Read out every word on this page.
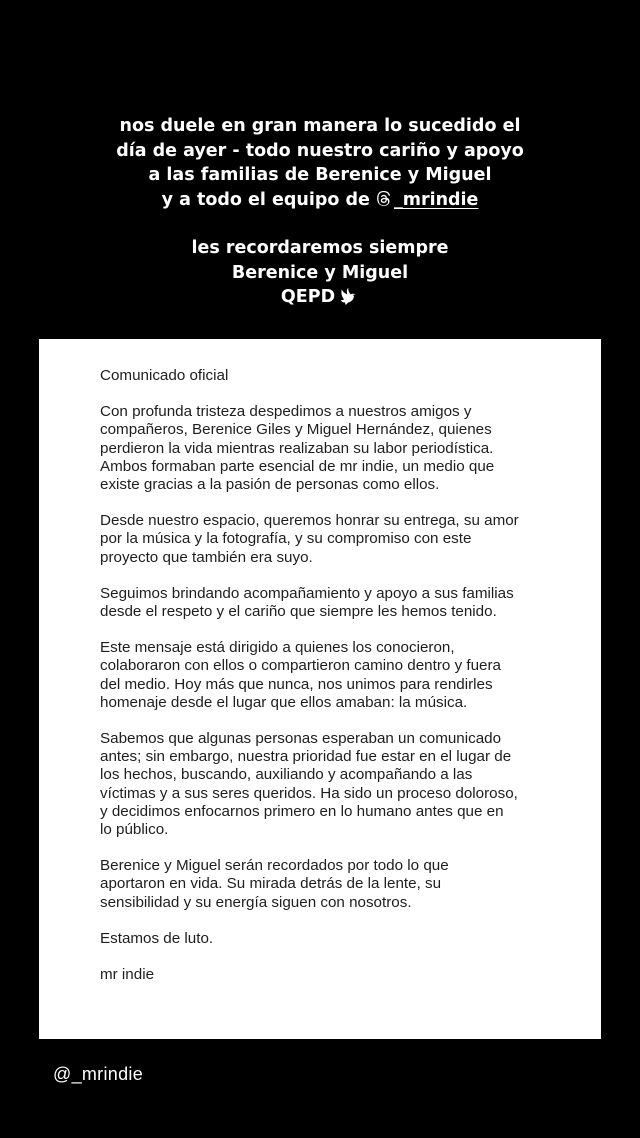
nos duele en gran manera lo sucedido el
día de ayer - todo nuestro cariño y apoyo
a las familias de Berenice y Miguel
y a todo el equipo de _mrindie
les recordaremos siempre
Berenice y Miguel
QEPD

Comunicado oficial

Con profunda tristeza despedimos a nuestros amigos y
compañeros, Berenice Giles y Miguel Hernández, quienes
perdieron la vida mientras realizaban su labor periodística.
Ambos formaban parte esencial de mr indie, un medio que
existe gracias a la pasión de personas como ellos.

Desde nuestro espacio, queremos honrar su entrega, su amor
por la música y la fotografía, y su compromiso con este
proyecto que también era suyo.

Seguimos brindando acompañamiento y apoyo a sus familias
desde el respeto y el cariño que siempre les hemos tenido.

Este mensaje está dirigido a quienes los conocieron,
colaboraron con ellos o compartieron camino dentro y fuera
del medio. Hoy más que nunca, nos unimos para rendirles
homenaje desde el lugar que ellos amaban: la música.

Sabemos que algunas personas esperaban un comunicado
antes; sin embargo, nuestra prioridad fue estar en el lugar de
los hechos, buscando, auxiliando y acompañando a las
víctimas y a sus seres queridos. Ha sido un proceso doloroso,
y decidimos enfocarnos primero en lo humano antes que en
lo público.

Berenice y Miguel serán recordados por todo lo que
aportaron en vida. Su mirada detrás de la lente, su
sensibilidad y su energía siguen con nosotros.

Estamos de luto.

mr indie

@_mrindie
